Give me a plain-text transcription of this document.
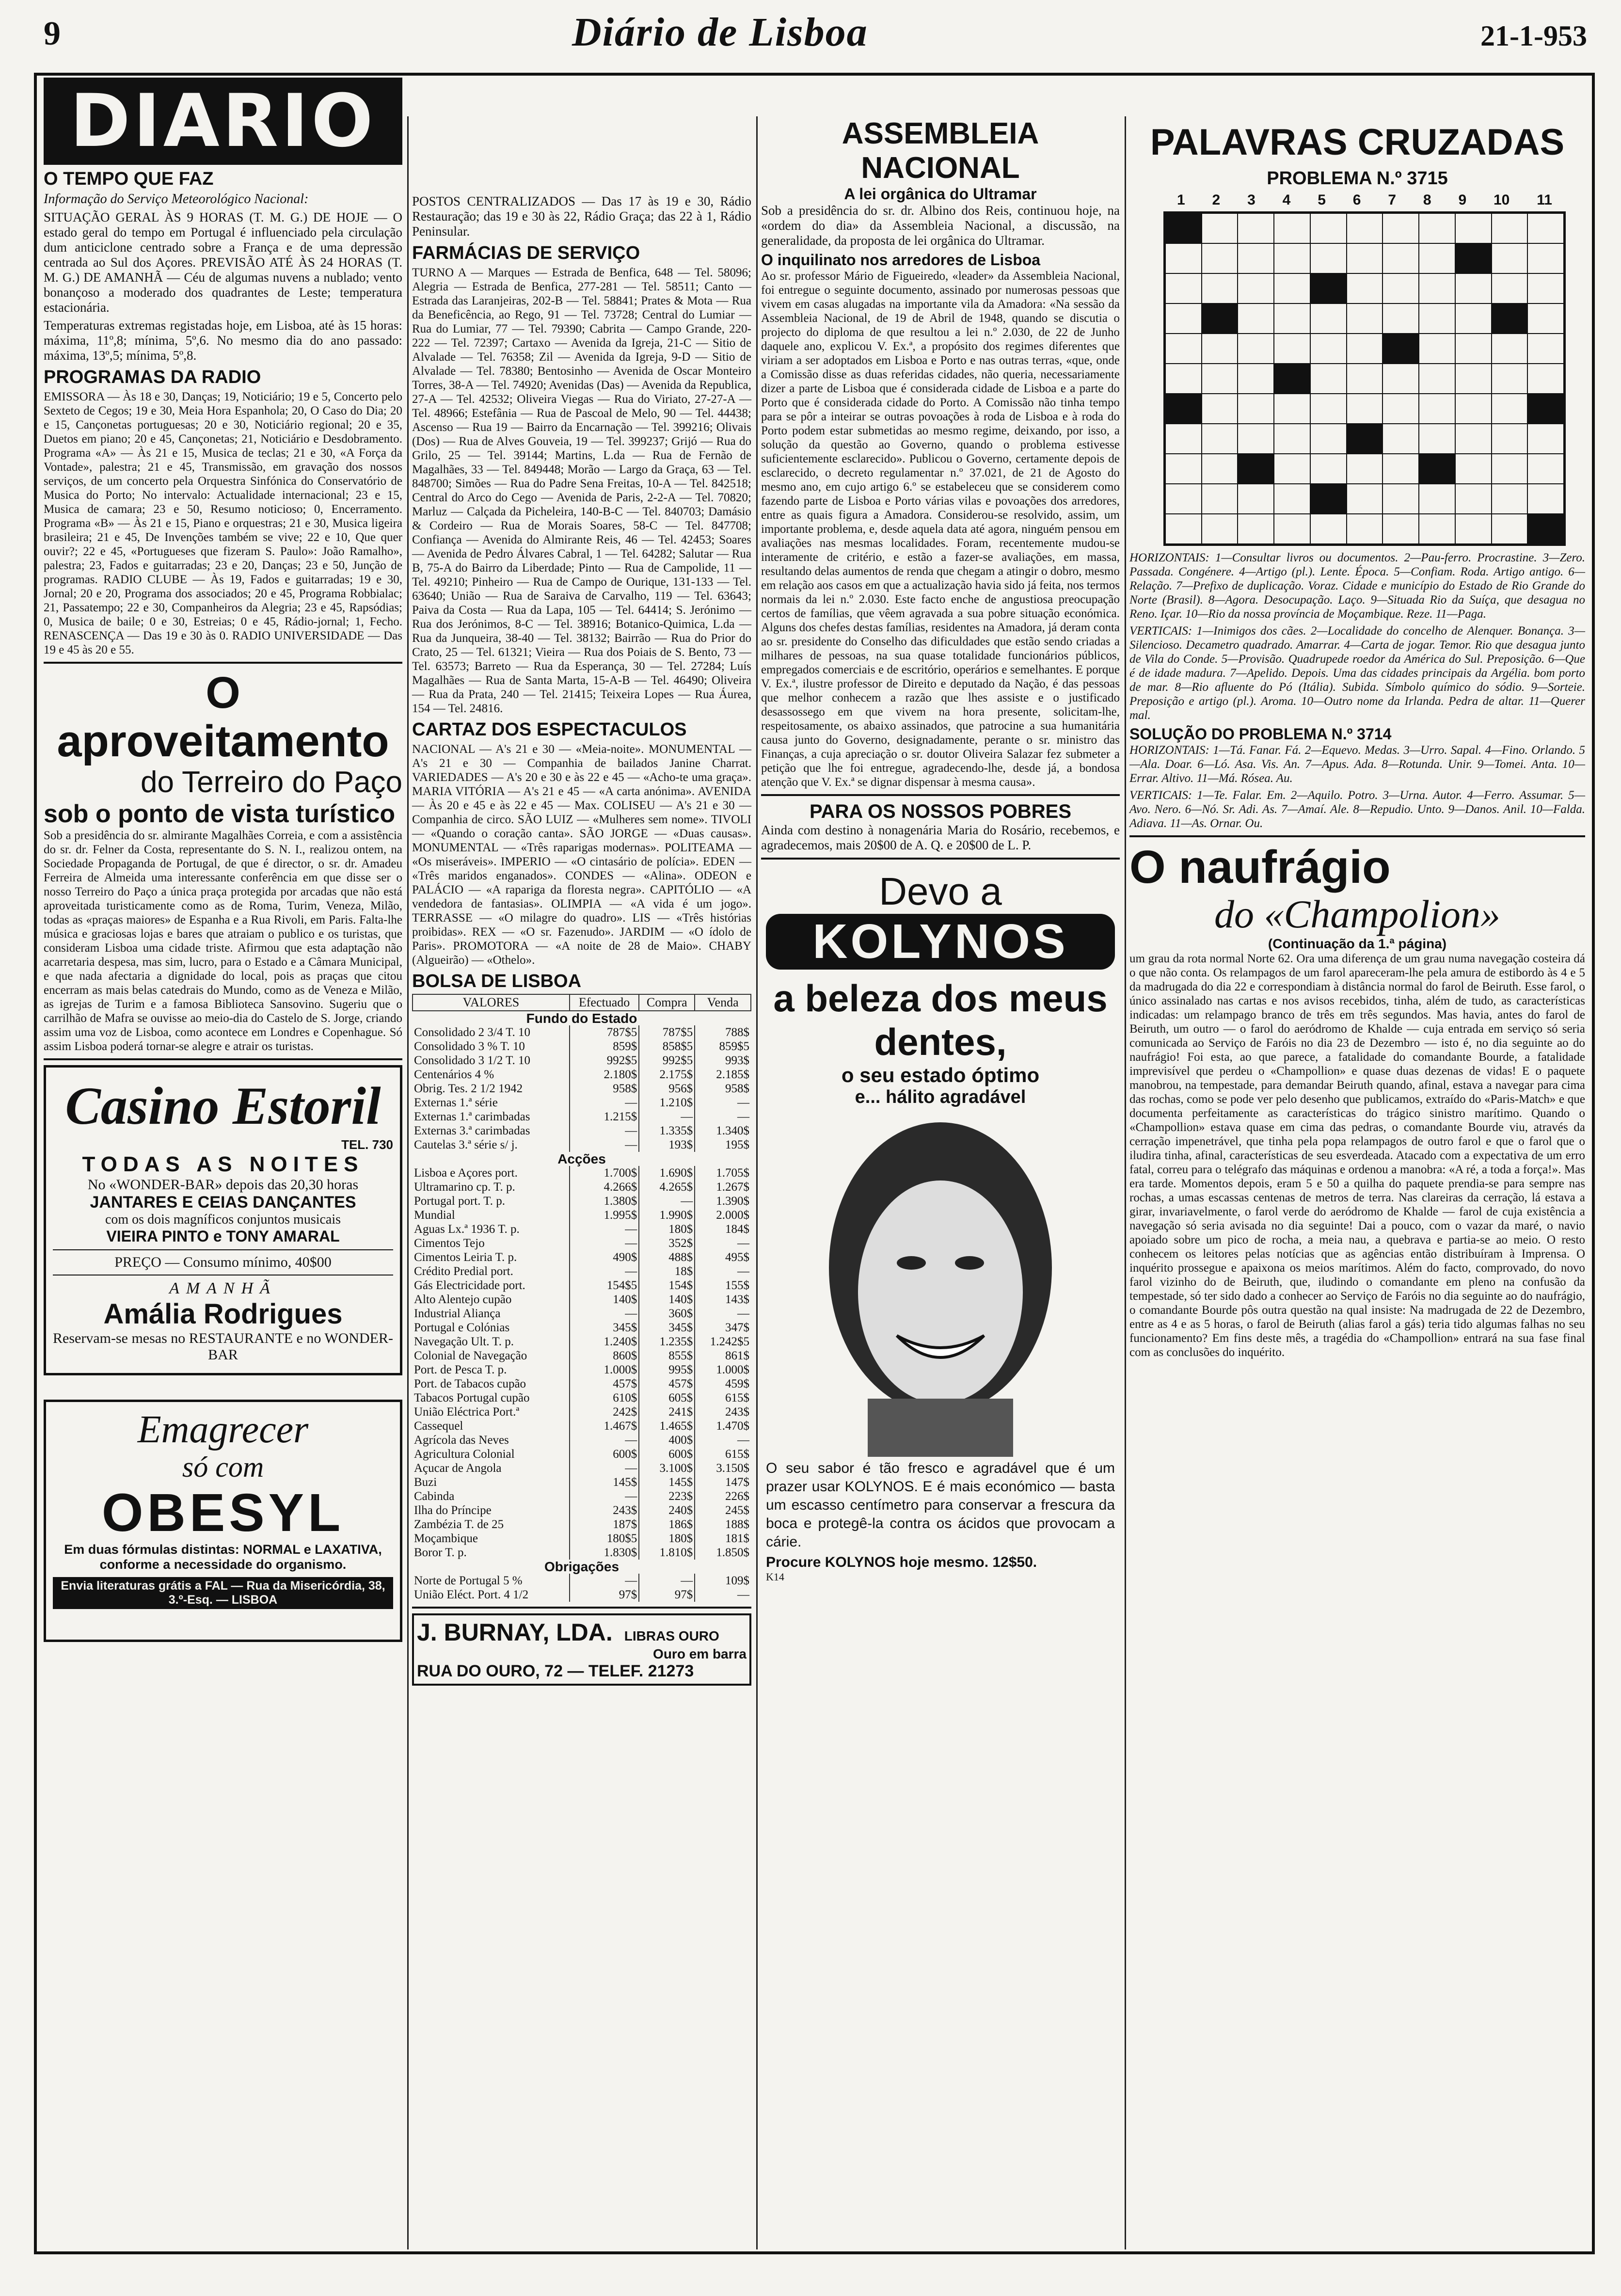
9	Diário de Lisboa	21-1-953
DIARIO
O TEMPO QUE FAZ

Informação do Serviço Meteorológico Nacional:

SITUAÇÃO GERAL ÀS 9 HORAS (T. M. G.) DE HOJE — O estado geral do tempo em Portugal é influenciado pela circulação dum anticiclone centrado sobre a França e de uma depressão centrada ao Sul dos Açores. PREVISÃO ATÉ ÀS 24 HORAS (T. M. G.) DE AMANHÃ — Céu de algumas nuvens a nublado; vento bonançoso a moderado dos quadrantes de Leste; temperatura estacionária.

Temperaturas extremas registadas hoje, em Lisboa, até às 15 horas: máxima, 11º,8; mínima, 5º,6. No mesmo dia do ano passado: máxima, 13º,5; mínima, 5º,8.

PROGRAMAS DA RADIO

EMISSORA — Às 18 e 30, Danças; 19, Noticiário; 19 e 5, Concerto pelo Sexteto de Cegos; 19 e 30, Meia Hora Espanhola; 20, O Caso do Dia; 20 e 15, Cançonetas portuguesas; 20 e 30, Noticiário regional; 20 e 35, Duetos em piano; 20 e 45, Cançonetas; 21, Noticiário e Desdobramento. Programa «A» — Às 21 e 15, Musica de teclas; 21 e 30, «A Força da Vontade», palestra; 21 e 45, Transmissão, em gravação dos nossos serviços, de um concerto pela Orquestra Sinfónica do Conservatório de Musica do Porto; No intervalo: Actualidade internacional; 23 e 15, Musica de camara; 23 e 50, Resumo noticioso; 0, Encerramento. Programa «B» — Às 21 e 15, Piano e orquestras; 21 e 30, Musica ligeira brasileira; 21 e 45, De Invenções também se vive; 22 e 10, Que quer ouvir?; 22 e 45, «Portugueses que fizeram S. Paulo»: João Ramalho», palestra; 23, Fados e guitarradas; 23 e 20, Danças; 23 e 50, Junção de programas. RADIO CLUBE — Às 19, Fados e guitarradas; 19 e 30, Jornal; 20 e 20, Programa dos associados; 20 e 45, Programa Robbialac; 21, Passatempo; 22 e 30, Companheiros da Alegria; 23 e 45, Rapsódias; 0, Musica de baile; 0 e 30, Estreias; 0 e 45, Rádio-jornal; 1, Fecho. RENASCENÇA — Das 19 e 30 às 0. RADIO UNIVERSIDADE — Das 19 e 45 às 20 e 55.

O aproveitamento
do Terreiro do Paço
sob o ponto de vista turístico

Sob a presidência do sr. almirante Magalhães Correia, e com a assistência do sr. dr. Felner da Costa, representante do S. N. I., realizou ontem, na Sociedade Propaganda de Portugal, de que é director, o sr. dr. Amadeu Ferreira de Almeida uma interessante conferência em que disse ser o nosso Terreiro do Paço a única praça protegida por arcadas que não está aproveitada turisticamente como as de Roma, Turim, Veneza, Milão, todas as «praças maiores» de Espanha e a Rua Rivoli, em Paris. Falta-lhe música e graciosas lojas e bares que atraiam o publico e os turistas, que consideram Lisboa uma cidade triste. Afirmou que esta adaptação não acarretaria despesa, mas sim, lucro, para o Estado e a Câmara Municipal, e que nada afectaria a dignidade do local, pois as praças que citou encerram as mais belas catedrais do Mundo, como as de Veneza e Milão, as igrejas de Turim e a famosa Biblioteca Sansovino. Sugeriu que o carrilhão de Mafra se ouvisse ao meio-dia do Castelo de S. Jorge, criando assim uma voz de Lisboa, como acontece em Londres e Copenhague. Só assim Lisboa poderá tornar-se alegre e atrair os turistas.

Casino Estoril
TEL. 730
TODAS AS NOITES
No «WONDER-BAR» depois das 20,30 horas
JANTARES E CEIAS DANÇANTES
com os dois magníficos conjuntos musicais
VIEIRA PINTO e TONY AMARAL
PREÇO — Consumo mínimo, 40$00
AMANHÃ
Amália Rodrigues
Reservam-se mesas no RESTAURANTE e no WONDER-BAR
Emagrecer
só com
OBESYL
Em duas fórmulas distintas: NORMAL e LAXATIVA, conforme a necessidade do organismo.
Envia literaturas grátis a FAL — Rua da Misericórdia, 38, 3.º-Esq. — LISBOA

POSTOS CENTRALIZADOS — Das 17 às 19 e 30, Rádio Restauração; das 19 e 30 às 22, Rádio Graça; das 22 à 1, Rádio Peninsular.

FARMÁCIAS DE SERVIÇO

TURNO A — Marques — Estrada de Benfica, 648 — Tel. 58096; Alegria — Estrada de Benfica, 277-281 — Tel. 58511; Canto — Estrada das Laranjeiras, 202-B — Tel. 58841; Prates & Mota — Rua da Beneficência, ao Rego, 91 — Tel. 73728; Central do Lumiar — Rua do Lumiar, 77 — Tel. 79390; Cabrita — Campo Grande, 220-222 — Tel. 72397; Cartaxo — Avenida da Igreja, 21-C — Sitio de Alvalade — Tel. 76358; Zil — Avenida da Igreja, 9-D — Sitio de Alvalade — Tel. 78380; Bentosinho — Avenida de Oscar Monteiro Torres, 38-A — Tel. 74920; Avenidas (Das) — Avenida da Republica, 27-A — Tel. 42532; Oliveira Viegas — Rua do Viriato, 27-27-A — Tel. 48966; Estefânia — Rua de Pascoal de Melo, 90 — Tel. 44438; Ascenso — Rua 19 — Bairro da Encarnação — Tel. 399216; Olivais (Dos) — Rua de Alves Gouveia, 19 — Tel. 399237; Grijó — Rua do Grilo, 25 — Tel. 39144; Martins, L.da — Rua de Fernão de Magalhães, 33 — Tel. 849448; Morão — Largo da Graça, 63 — Tel. 848700; Simões — Rua do Padre Sena Freitas, 10-A — Tel. 842518; Central do Arco do Cego — Avenida de Paris, 2-2-A — Tel. 70820; Marluz — Calçada da Picheleira, 140-B-C — Tel. 840703; Damásio & Cordeiro — Rua de Morais Soares, 58-C — Tel. 847708; Confiança — Avenida do Almirante Reis, 46 — Tel. 42453; Soares — Avenida de Pedro Álvares Cabral, 1 — Tel. 64282; Salutar — Rua B, 75-A do Bairro da Liberdade; Pinto — Rua de Campolide, 11 — Tel. 49210; Pinheiro — Rua de Campo de Ourique, 131-133 — Tel. 63640; União — Rua de Saraiva de Carvalho, 119 — Tel. 63643; Paiva da Costa — Rua da Lapa, 105 — Tel. 64414; S. Jerónimo — Rua dos Jerónimos, 8-C — Tel. 38916; Botanico-Quimica, L.da — Rua da Junqueira, 38-40 — Tel. 38132; Bairrão — Rua do Prior do Crato, 25 — Tel. 61321; Vieira — Rua dos Poiais de S. Bento, 73 — Tel. 63573; Barreto — Rua da Esperança, 30 — Tel. 27284; Luís Magalhães — Rua de Santa Marta, 15-A-B — Tel. 46490; Oliveira — Rua da Prata, 240 — Tel. 21415; Teixeira Lopes — Rua Áurea, 154 — Tel. 24816.

CARTAZ DOS ESPECTACULOS

NACIONAL — A's 21 e 30 — «Meia-noite». MONUMENTAL — A's 21 e 30 — Companhia de bailados Janine Charrat. VARIEDADES — A's 20 e 30 e às 22 e 45 — «Acho-te uma graça». MARIA VITÓRIA — A's 21 e 45 — «A carta anónima». AVENIDA — Às 20 e 45 e às 22 e 45 — Max. COLISEU — A's 21 e 30 — Companhia de circo. SÃO LUIZ — «Mulheres sem nome». TIVOLI — «Quando o coração canta». SÃO JORGE — «Duas causas». MONUMENTAL — «Três raparigas modernas». POLITEAMA — «Os miseráveis». IMPERIO — «O cintasário de polícia». EDEN — «Três maridos enganados». CONDES — «Alina». ODEON e PALÁCIO — «A rapariga da floresta negra». CAPITÓLIO — «A vendedora de fantasias». OLIMPIA — «A vida é um jogo». TERRASSE — «O milagre do quadro». LIS — «Três histórias proibidas». REX — «O sr. Fazenudo». JARDIM — «O ídolo de Paris». PROMOTORA — «A noite de 28 de Maio». CHABY (Algueirão) — «Othelo».

BOLSA DE LISBOA
VALORES	Efectuado	Compra	Venda
Fundo do Estado			
Consolidado 2 3/4 T. 10	787$5	787$5	788$
Consolidado 3 % T. 10	859$	858$5	859$5
Consolidado 3 1/2 T. 10	992$5	992$5	993$
Centenários 4 %	2.180$	2.175$	2.185$
Obrig. Tes. 2 1/2 1942	958$	956$	958$
Externas 1.ª série	—	1.210$	—
Externas 1.ª carimbadas	1.215$	—	—
Externas 3.ª carimbadas	—	1.335$	1.340$
Cautelas 3.ª série s/ j.	—	193$	195$
Acções			
Lisboa e Açores port.	1.700$	1.690$	1.705$
Ultramarino cp. T. p.	4.266$	4.265$	1.267$
Portugal port. T. p.	1.380$	—	1.390$
Mundial	1.995$	1.990$	2.000$
Aguas Lx.ª 1936 T. p.	—	180$	184$
Cimentos Tejo	—	352$	—
Cimentos Leiria T. p.	490$	488$	495$
Crédito Predial port.	—	18$	—
Gás Electricidade port.	154$5	154$	155$
Alto Alentejo cupão	140$	140$	143$
Industrial Aliança	—	360$	—
Portugal e Colónias	345$	345$	347$
Navegação Ult. T. p.	1.240$	1.235$	1.242$5
Colonial de Navegação	860$	855$	861$
Port. de Pesca T. p.	1.000$	995$	1.000$
Port. de Tabacos cupão	457$	457$	459$
Tabacos Portugal cupão	610$	605$	615$
União Eléctrica Port.ª	242$	241$	243$
Cassequel	1.467$	1.465$	1.470$
Agrícola das Neves	—	400$	—
Agricultura Colonial	600$	600$	615$
Açucar de Angola	—	3.100$	3.150$
Buzi	145$	145$	147$
Cabinda	—	223$	226$
Ilha do Príncipe	243$	240$	245$
Zambézia T. de 25	187$	186$	188$
Moçambique	180$5	180$	181$
Boror T. p.	1.830$	1.810$	1.850$
Obrigações			
Norte de Portugal 5 %	—	—	109$
União Eléct. Port. 4 1/2	97$	97$	—
J. BURNAY, LDA. LIBRAS OURO
Ouro em barra
RUA DO OURO, 72 — TELEF. 21273
ASSEMBLEIA NACIONAL
A lei orgânica do Ultramar

Sob a presidência do sr. dr. Albino dos Reis, continuou hoje, na «ordem do dia» da Assembleia Nacional, a discussão, na generalidade, da proposta de lei orgânica do Ultramar.

O inquilinato nos arredores de Lisboa

Ao sr. professor Mário de Figueiredo, «leader» da Assembleia Nacional, foi entregue o seguinte documento, assinado por numerosas pessoas que vivem em casas alugadas na importante vila da Amadora: «Na sessão da Assembleia Nacional, de 19 de Abril de 1948, quando se discutia o projecto do diploma de que resultou a lei n.º 2.030, de 22 de Junho daquele ano, explicou V. Ex.ª, a propósito dos regimes diferentes que viriam a ser adoptados em Lisboa e Porto e nas outras terras, «que, onde a Comissão disse as duas referidas cidades, não queria, necessariamente dizer a parte de Lisboa que é considerada cidade de Lisboa e a parte do Porto que é considerada cidade do Porto. A Comissão não tinha tempo para se pôr a inteirar se outras povoações à roda de Lisboa e à roda do Porto podem estar submetidas ao mesmo regime, deixando, por isso, a solução da questão ao Governo, quando o problema estivesse suficientemente esclarecido». Publicou o Governo, certamente depois de esclarecido, o decreto regulamentar n.º 37.021, de 21 de Agosto do mesmo ano, em cujo artigo 6.º se estabeleceu que se considerem como fazendo parte de Lisboa e Porto várias vilas e povoações dos arredores, entre as quais figura a Amadora. Considerou-se resolvido, assim, um importante problema, e, desde aquela data até agora, ninguém pensou em avaliações nas mesmas localidades. Foram, recentemente mudou-se interamente de critério, e estão a fazer-se avaliações, em massa, resultando delas aumentos de renda que chegam a atingir o dobro, mesmo em relação aos casos em que a actualização havia sido já feita, nos termos normais da lei n.º 2.030. Este facto enche de angustiosa preocupação certos de famílias, que vêem agravada a sua pobre situação económica. Alguns dos chefes destas famílias, residentes na Amadora, já deram conta ao sr. presidente do Conselho das dificuldades que estão sendo criadas a milhares de pessoas, na sua quase totalidade funcionários públicos, empregados comerciais e de escritório, operários e semelhantes. E porque V. Ex.ª, ilustre professor de Direito e deputado da Nação, é das pessoas que melhor conhecem a razão que lhes assiste e o justificado desassossego em que vivem na hora presente, solicitam-lhe, respeitosamente, os abaixo assinados, que patrocine a sua humanitária causa junto do Governo, designadamente, perante o sr. ministro das Finanças, a cuja apreciação o sr. doutor Oliveira Salazar fez submeter a petição que lhe foi entregue, agradecendo-lhe, desde já, a bondosa atenção que V. Ex.ª se dignar dispensar à mesma causa».

PARA OS NOSSOS POBRES

Ainda com destino à nonagenária Maria do Rosário, recebemos, e agradecemos, mais 20$00 de A. Q. e 20$00 de L. P.

Devo a
KOLYNOS
a beleza dos meus dentes,
o seu estado óptimo
e... hálito agradável

O seu sabor é tão fresco e agradável que é um prazer usar KOLYNOS. E é mais económico — basta um escasso centímetro para conservar a frescura da boca e protegê-la contra os ácidos que provocam a cárie.

Procure KOLYNOS hoje mesmo. 12$50.
K14
PALAVRAS CRUZADAS
PROBLEMA N.º 3715
1 2 3 4 5 6 7 8 9 10 11

HORIZONTAIS: 1—Consultar livros ou documentos. 2—Pau-ferro. Procrastine. 3—Zero. Passada. Congénere. 4—Artigo (pl.). Lente. Época. 5—Confiam. Roda. Artigo antigo. 6—Relação. 7—Prefixo de duplicação. Voraz. Cidade e município do Estado de Rio Grande do Norte (Brasil). 8—Agora. Desocupação. Laço. 9—Situada Rio da Suíça, que desagua no Reno. Içar. 10—Rio da nossa província de Moçambique. Reze. 11—Paga.

VERTICAIS: 1—Inimigos dos cães. 2—Localidade do concelho de Alenquer. Bonança. 3—Silencioso. Decametro quadrado. Amarrar. 4—Carta de jogar. Temor. Rio que desagua junto de Vila do Conde. 5—Provisão. Quadrupede roedor da América do Sul. Preposição. 6—Que é de idade madura. 7—Apelido. Depois. Uma das cidades principais da Argélia. bom porto de mar. 8—Rio afluente do Pó (Itália). Subida. Símbolo químico do sódio. 9—Sorteie. Preposição e artigo (pl.). Aroma. 10—Outro nome da Irlanda. Pedra de altar. 11—Querer mal.

SOLUÇÃO DO PROBLEMA N.º 3714

HORIZONTAIS: 1—Tá. Fanar. Fá. 2—Equevo. Medas. 3—Urro. Sapal. 4—Fino. Orlando. 5—Ala. Doar. 6—Ló. Asa. Vis. An. 7—Apus. Ada. 8—Rotunda. Unir. 9—Tomei. Anta. 10—Errar. Altivo. 11—Má. Rósea. Au.

VERTICAIS: 1—Te. Falar. Em. 2—Aquilo. Potro. 3—Urna. Autor. 4—Ferro. Assumar. 5—Avo. Nero. 6—Nó. Sr. Adi. As. 7—Amaí. Ale. 8—Repudio. Unto. 9—Danos. Anil. 10—Falda. Adiava. 11—As. Ornar. Ou.

O naufrágio
do «Champolion»
(Continuação da 1.ª página)

um grau da rota normal Norte 62. Ora uma diferença de um grau numa navegação costeira dá o que não conta. Os relampagos de um farol apareceram-lhe pela amura de estibordo às 4 e 5 da madrugada do dia 22 e correspondiam à distância normal do farol de Beiruth. Esse farol, o único assinalado nas cartas e nos avisos recebidos, tinha, além de tudo, as características indicadas: um relampago branco de três em três segundos. Mas havia, antes do farol de Beiruth, um outro — o farol do aeródromo de Khalde — cuja entrada em serviço só seria comunicada ao Serviço de Faróis no dia 23 de Dezembro — isto é, no dia seguinte ao do naufrágio! Foi esta, ao que parece, a fatalidade do comandante Bourde, a fatalidade imprevisível que perdeu o «Champollion» e quase duas dezenas de vidas! E o paquete manobrou, na tempestade, para demandar Beiruth quando, afinal, estava a navegar para cima das rochas, como se pode ver pelo desenho que publicamos, extraído do «Paris-Match» e que documenta perfeitamente as características do trágico sinistro marítimo. Quando o «Champollion» estava quase em cima das pedras, o comandante Bourde viu, através da cerração impenetrável, que tinha pela popa relampagos de outro farol e que o farol que o iludira tinha, afinal, características de seu esverdeada. Atacado com a expectativa de um erro fatal, correu para o telégrafo das máquinas e ordenou a manobra: «A ré, a toda a força!». Mas era tarde. Momentos depois, eram 5 e 50 a quilha do paquete prendia-se para sempre nas rochas, a umas escassas centenas de metros de terra. Nas clareiras da cerração, lá estava a girar, invariavelmente, o farol verde do aeródromo de Khalde — farol de cuja existência a navegação só seria avisada no dia seguinte! Dai a pouco, com o vazar da maré, o navio apoiado sobre um pico de rocha, a meia nau, a quebrava e partia-se ao meio. O resto conhecem os leitores pelas notícias que as agências então distribuíram à Imprensa. O inquérito prossegue e apaixona os meios marítimos. Além do facto, comprovado, do novo farol vizinho do de Beiruth, que, iludindo o comandante em pleno na confusão da tempestade, só ter sido dado a conhecer ao Serviço de Faróis no dia seguinte ao do naufrágio, o comandante Bourde pôs outra questão na qual insiste: Na madrugada de 22 de Dezembro, entre as 4 e as 5 horas, o farol de Beiruth (alias farol a gás) teria tido algumas falhas no seu funcionamento? Em fins deste mês, a tragédia do «Champollion» entrará na sua fase final com as conclusões do inquérito.
